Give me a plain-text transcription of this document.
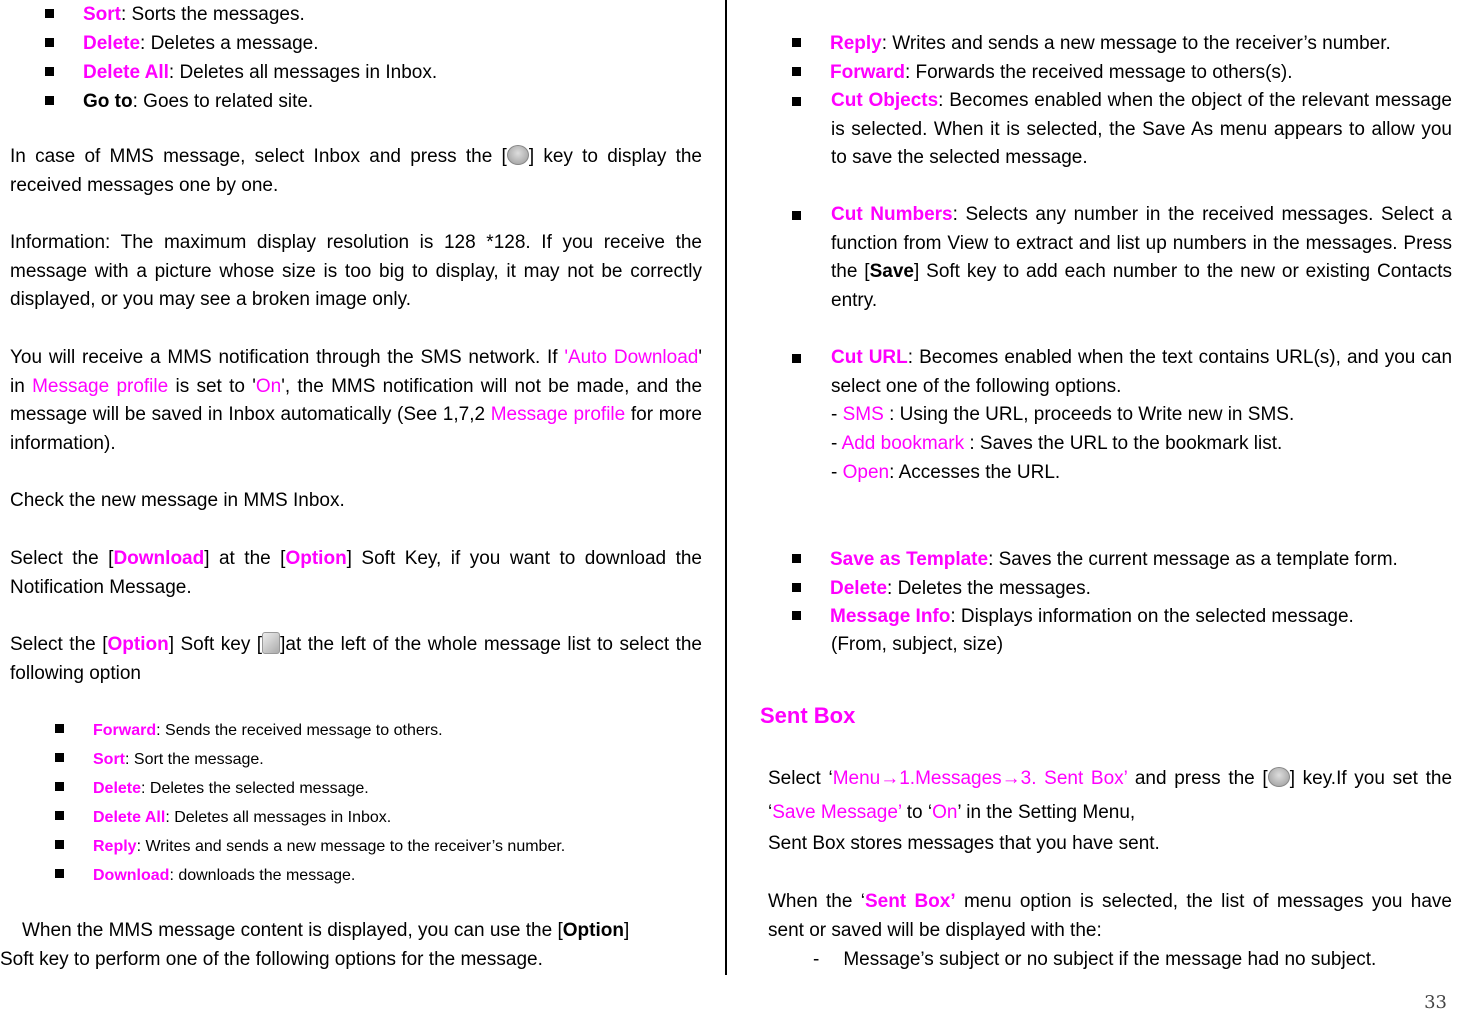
Sort: Sorts the messages.
Delete: Deletes a message.
Delete All: Deletes all messages in Inbox.
Go to: Goes to related site.
In case of MMS message, select Inbox and press the [ ] key to display the received messages one by one.
Information: The maximum display resolution is 128 *128. If you receive the message with a picture whose size is too big to display, it may not be correctly displayed, or you may see a broken image only.
You will receive a MMS notification through the SMS network. If 'Auto Download' in Message profile is set to 'On', the MMS notification will not be made, and the message will be saved in Inbox automatically (See 1,7,2 Message profile for more information).
Check the new message in MMS Inbox.
Select the [Download] at the [Option] Soft Key, if you want to download the Notification Message.
Select the [Option] Soft key [ ]at the left of the whole message list to select the following option
Forward: Sends the received message to others.
Sort: Sort the message.
Delete: Deletes the selected message.
Delete All: Deletes all messages in Inbox.
Reply: Writes and sends a new message to the receiver’s number.
Download: downloads the message.
When the MMS message content is displayed, you can use the [Option]
Soft key to perform one of the following options for the message.
Reply: Writes and sends a new message to the receiver’s number.
Forward: Forwards the received message to others(s).
Cut Objects: Becomes enabled when the object of the relevant message is selected. When it is selected, the Save As menu appears to allow you to save the selected message.
Cut Numbers: Selects any number in the received messages. Select a function from View to extract and list up numbers in the messages. Press the [Save] Soft key to add each number to the new or existing Contacts entry.
Cut URL: Becomes enabled when the text contains URL(s), and you can select one of the following options.
- SMS : Using the URL, proceeds to Write new in SMS.
- Add bookmark : Saves the URL to the bookmark list.
- Open: Accesses the URL.
Save as Template: Saves the current message as a template form.
Delete: Deletes the messages.
Message Info: Displays information on the selected message.
(From, subject, size)
Sent Box
Select ‘Menu→1.Messages→3. Sent Box’ and press the [ ] key.If you set the ‘Save Message’ to ‘On’ in the Setting Menu,
Sent Box stores messages that you have sent.
When the ‘Sent Box’ menu option is selected, the list of messages you have sent or saved will be displayed with the:
- Message’s subject or no subject if the message had no subject.
33
